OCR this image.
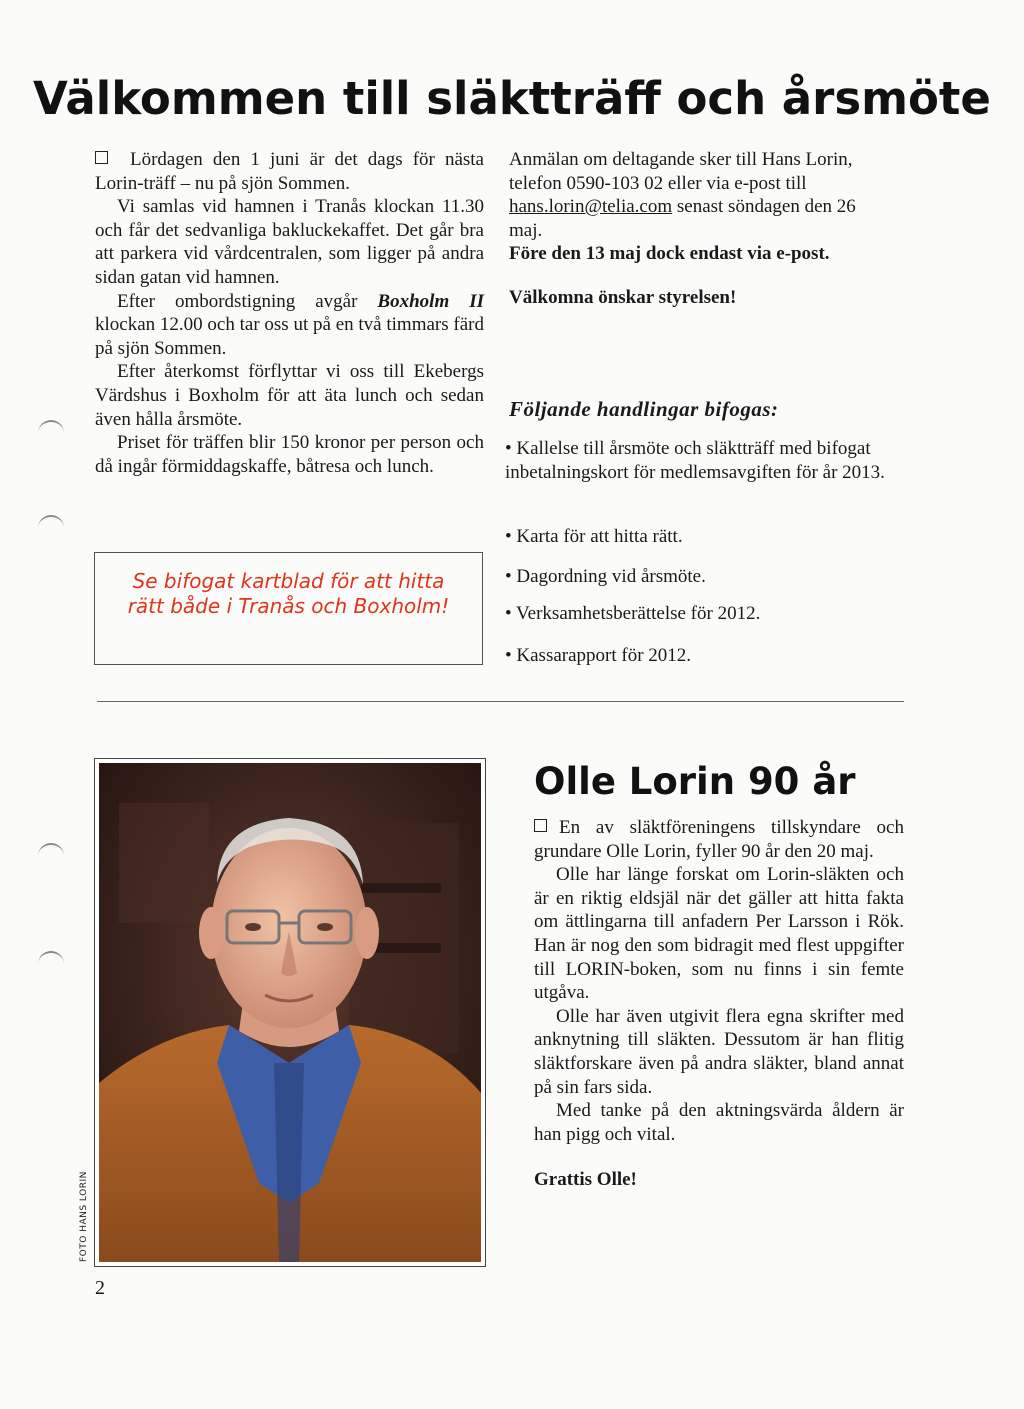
Välkommen till släktträff och årsmöte

Lördagen den 1 juni är det dags för nästa Lorin-träff – nu på sjön Sommen.

Vi samlas vid hamnen i Tranås klockan 11.30 och får det sedvanliga bakluckekaffet. Det går bra att parkera vid vårdcentralen, som ligger på andra sidan gatan vid hamnen.

Efter ombordstigning avgår Boxholm II klockan 12.00 och tar oss ut på en två timmars färd på sjön Sommen.

Efter återkomst förflyttar vi oss till Ekebergs Värdshus i Boxholm för att äta lunch och sedan även hålla årsmöte.

Priset för träffen blir 150 kronor per person och då ingår förmiddagskaffe, båtresa och lunch.

Se bifogat kartblad för att hitta rätt både i Tranås och Boxholm!

Anmälan om deltagande sker till Hans Lorin, telefon 0590-103 02 eller via e-post till hans.lorin@telia.com senast söndagen den 26 maj.

Före den 13 maj dock endast via e-post.

Välkomna önskar styrelsen!

Följande handlingar bifogas:
• Kallelse till årsmöte och släktträff med bifogat inbetalningskort för medlemsavgiften för år 2013.
• Karta för att hitta rätt.
• Dagordning vid årsmöte.
• Verksamhetsberättelse för 2012.
• Kassarapport för 2012.
FOTO HANS LORIN
2
Olle Lorin 90 år

En av släktföreningens tillskyndare och grundare Olle Lorin, fyller 90 år den 20 maj.

Olle har länge forskat om Lorin-släkten och är en riktig eldsjäl när det gäller att hitta fakta om ättlingarna till anfadern Per Larsson i Rök. Han är nog den som bidragit med flest uppgifter till LORIN-boken, som nu finns i sin femte utgåva.

Olle har även utgivit flera egna skrifter med anknytning till släkten. Dessutom är han flitig släktforskare även på andra släkter, bland annat på sin fars sida.

Med tanke på den aktningsvärda åldern är han pigg och vital.

Grattis Olle!
